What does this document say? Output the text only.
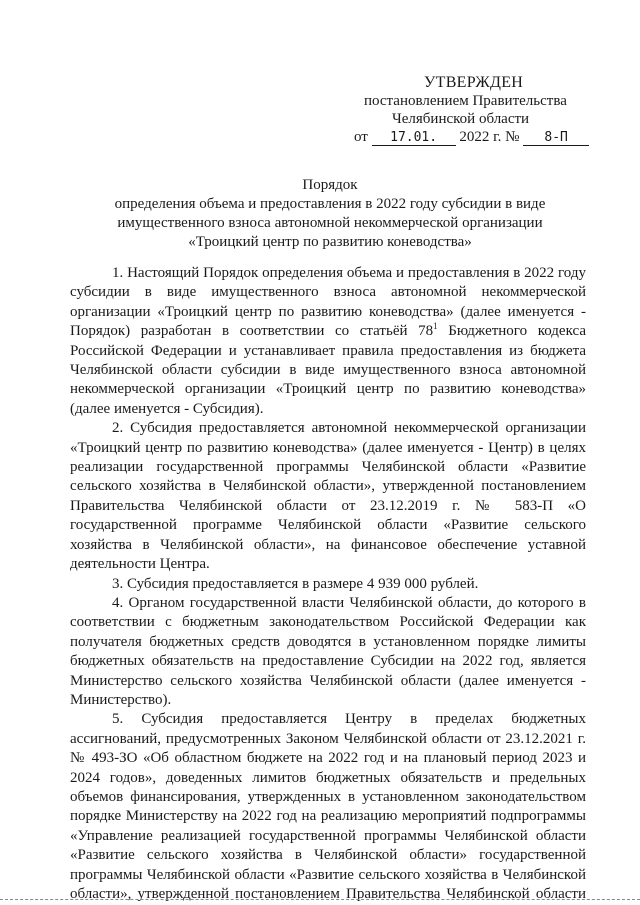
УТВЕРЖДЕН
постановлением Правительства
Челябинской области
от 17.01. 2022 г. № 8-П
Порядок
определения объема и предоставления в 2022 году субсидии в виде
имущественного взноса автономной некоммерческой организации
«Троицкий центр по развитию коневодства»

1. Настоящий Порядок определения объема и предоставления в 2022 году субсидии в виде имущественного взноса автономной некоммерческой организации «Троицкий центр по развитию коневодства» (далее именуется - Порядок) разработан в соответствии со статьёй $78^1$ Бюджетного кодекса Российской Федерации и устанавливает правила предоставления из бюджета Челябинской области субсидии в виде имущественного взноса автономной некоммерческой организации «Троицкий центр по развитию коневодства» (далее именуется - Субсидия).

2. Субсидия предоставляется автономной некоммерческой организации «Троицкий центр по развитию коневодства» (далее именуется - Центр) в целях реализации государственной программы Челябинской области «Развитие сельского хозяйства в Челябинской области», утвержденной постановлением Правительства Челябинской области от 23.12.2019 г. № 583-П «О государственной программе Челябинской области «Развитие сельского хозяйства в Челябинской области», на финансовое обеспечение уставной деятельности Центра.

3. Субсидия предоставляется в размере 4 939 000 рублей.

4. Органом государственной власти Челябинской области, до которого в соответствии с бюджетным законодательством Российской Федерации как получателя бюджетных средств доводятся в установленном порядке лимиты бюджетных обязательств на предоставление Субсидии на 2022 год, является Министерство сельского хозяйства Челябинской области (далее именуется - Министерство).

5. Субсидия предоставляется Центру в пределах бюджетных ассигнований, предусмотренных Законом Челябинской области от 23.12.2021 г. № 493-ЗО «Об областном бюджете на 2022 год и на плановый период 2023 и 2024 годов», доведенных лимитов бюджетных обязательств и предельных объемов финансирования, утвержденных в установленном законодательством порядке Министерству на 2022 год на реализацию мероприятий подпрограммы «Управление реализацией государственной программы Челябинской области «Развитие сельского хозяйства в Челябинской области» государственной программы Челябинской области «Развитие сельского хозяйства в Челябинской области», утвержденной постановлением Правительства Челябинской области
